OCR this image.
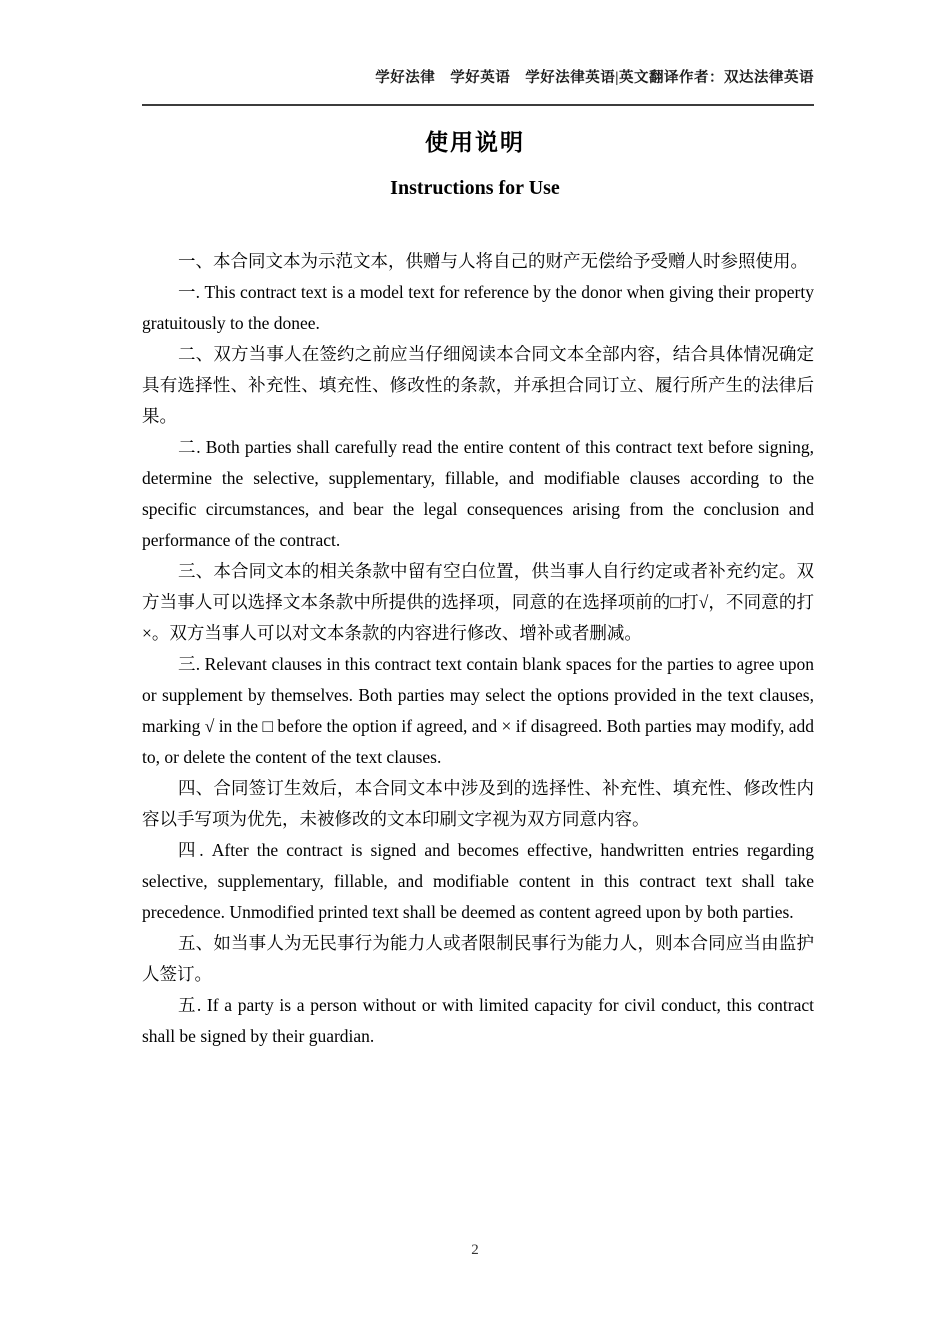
学好法律　学好英语　学好法律英语|英文翻译作者：双达法律英语
使用说明
Instructions for Use

一、本合同文本为示范文本，供赠与人将自己的财产无偿给予受赠人时参照使用。

一. This contract text is a model text for reference by the donor when giving their property gratuitously to the donee.

二、双方当事人在签约之前应当仔细阅读本合同文本全部内容，结合具体情况确定具有选择性、补充性、填充性、修改性的条款，并承担合同订立、履行所产生的法律后果。

二. Both parties shall carefully read the entire content of this contract text before signing, determine the selective, supplementary, fillable, and modifiable clauses according to the specific circumstances, and bear the legal consequences arising from the conclusion and performance of the contract.

三、本合同文本的相关条款中留有空白位置，供当事人自行约定或者补充约定。双方当事人可以选择文本条款中所提供的选择项，同意的在选择项前的□打√，不同意的打×。双方当事人可以对文本条款的内容进行修改、增补或者删减。

三. Relevant clauses in this contract text contain blank spaces for the parties to agree upon or supplement by themselves. Both parties may select the options provided in the text clauses, marking √ in the □ before the option if agreed, and × if disagreed. Both parties may modify, add to, or delete the content of the text clauses.

四、合同签订生效后，本合同文本中涉及到的选择性、补充性、填充性、修改性内容以手写项为优先，未被修改的文本印刷文字视为双方同意内容。

四. After the contract is signed and becomes effective, handwritten entries regarding selective, supplementary, fillable, and modifiable content in this contract text shall take precedence. Unmodified printed text shall be deemed as content agreed upon by both parties.

五、如当事人为无民事行为能力人或者限制民事行为能力人，则本合同应当由监护人签订。

五. If a party is a person without or with limited capacity for civil conduct, this contract shall be signed by their guardian.

2
